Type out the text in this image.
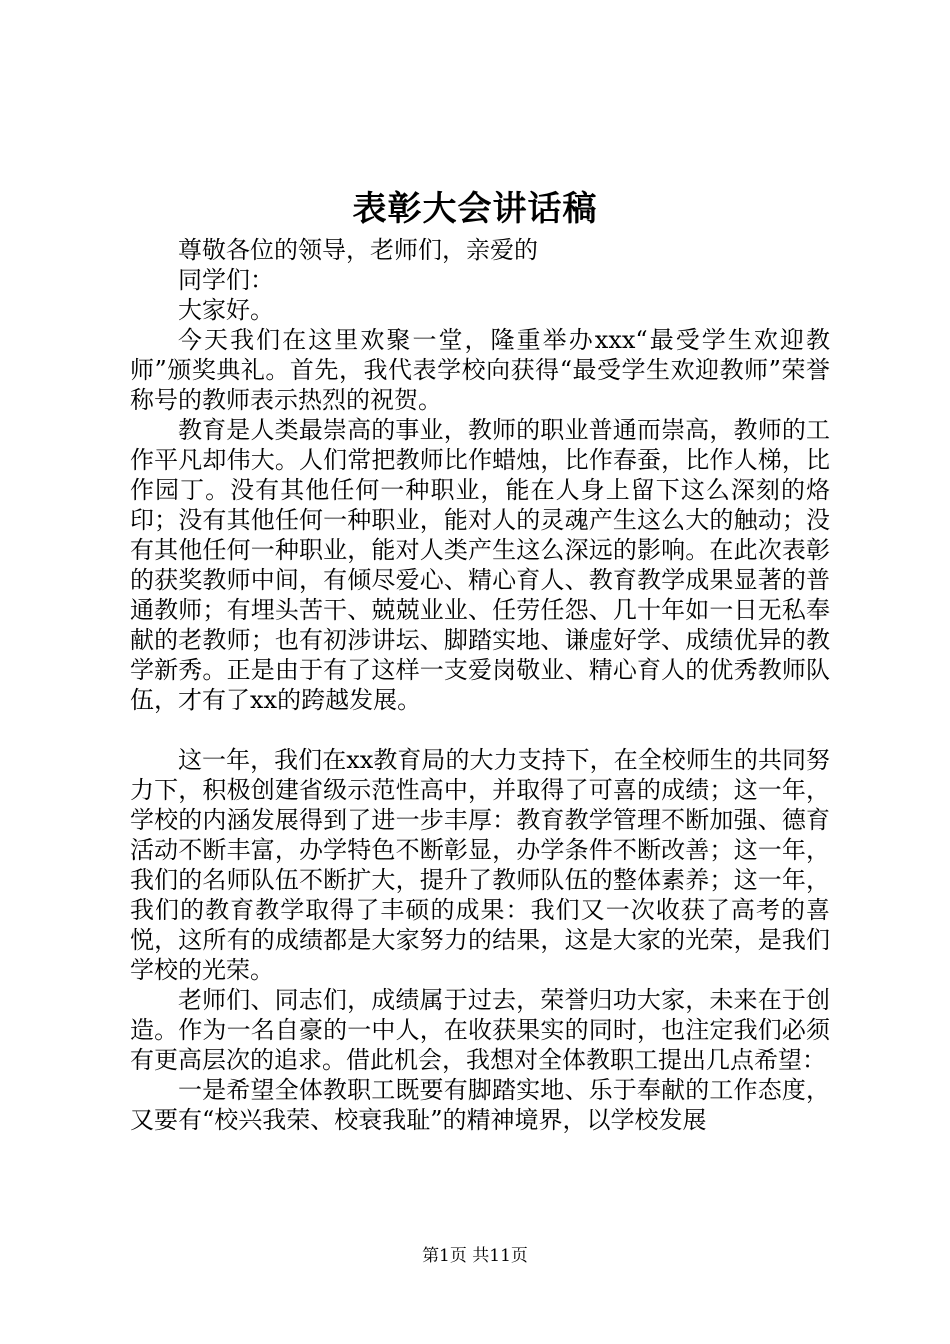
表彰大会讲话稿

尊敬各位的领导，老师们，亲爱的

同学们：

大家好。

今天我们在这里欢聚一堂，隆重举办xxx“最受学生欢迎教师”颁奖典礼。首先，我代表学校向获得“最受学生欢迎教师”荣誉称号的教师表示热烈的祝贺。

教育是人类最崇高的事业，教师的职业普通而崇高，教师的工作平凡却伟大。人们常把教师比作蜡烛，比作春蚕，比作人梯，比作园丁。没有其他任何一种职业，能在人身上留下这么深刻的烙印；没有其他任何一种职业，能对人的灵魂产生这么大的触动；没有其他任何一种职业，能对人类产生这么深远的影响。在此次表彰的获奖教师中间，有倾尽爱心、精心育人、教育教学成果显著的普通教师；有埋头苦干、兢兢业业、任劳任怨、几十年如一日无私奉献的老教师；也有初涉讲坛、脚踏实地、谦虚好学、成绩优异的教学新秀。正是由于有了这样一支爱岗敬业、精心育人的优秀教师队伍，才有了xx的跨越发展。

这一年，我们在xx教育局的大力支持下，在全校师生的共同努力下，积极创建省级示范性高中，并取得了可喜的成绩；这一年，学校的内涵发展得到了进一步丰厚：教育教学管理不断加强、德育活动不断丰富，办学特色不断彰显，办学条件不断改善；这一年，我们的名师队伍不断扩大，提升了教师队伍的整体素养；这一年，我们的教育教学取得了丰硕的成果：我们又一次收获了高考的喜悦，这所有的成绩都是大家努力的结果，这是大家的光荣，是我们学校的光荣。

老师们、同志们，成绩属于过去，荣誉归功大家，未来在于创造。作为一名自豪的一中人，在收获果实的同时，也注定我们必须有更高层次的追求。借此机会，我想对全体教职工提出几点希望：

一是希望全体教职工既要有脚踏实地、乐于奉献的工作态度，又要有“校兴我荣、校衰我耻”的精神境界，以学校发展

第1页 共11页
